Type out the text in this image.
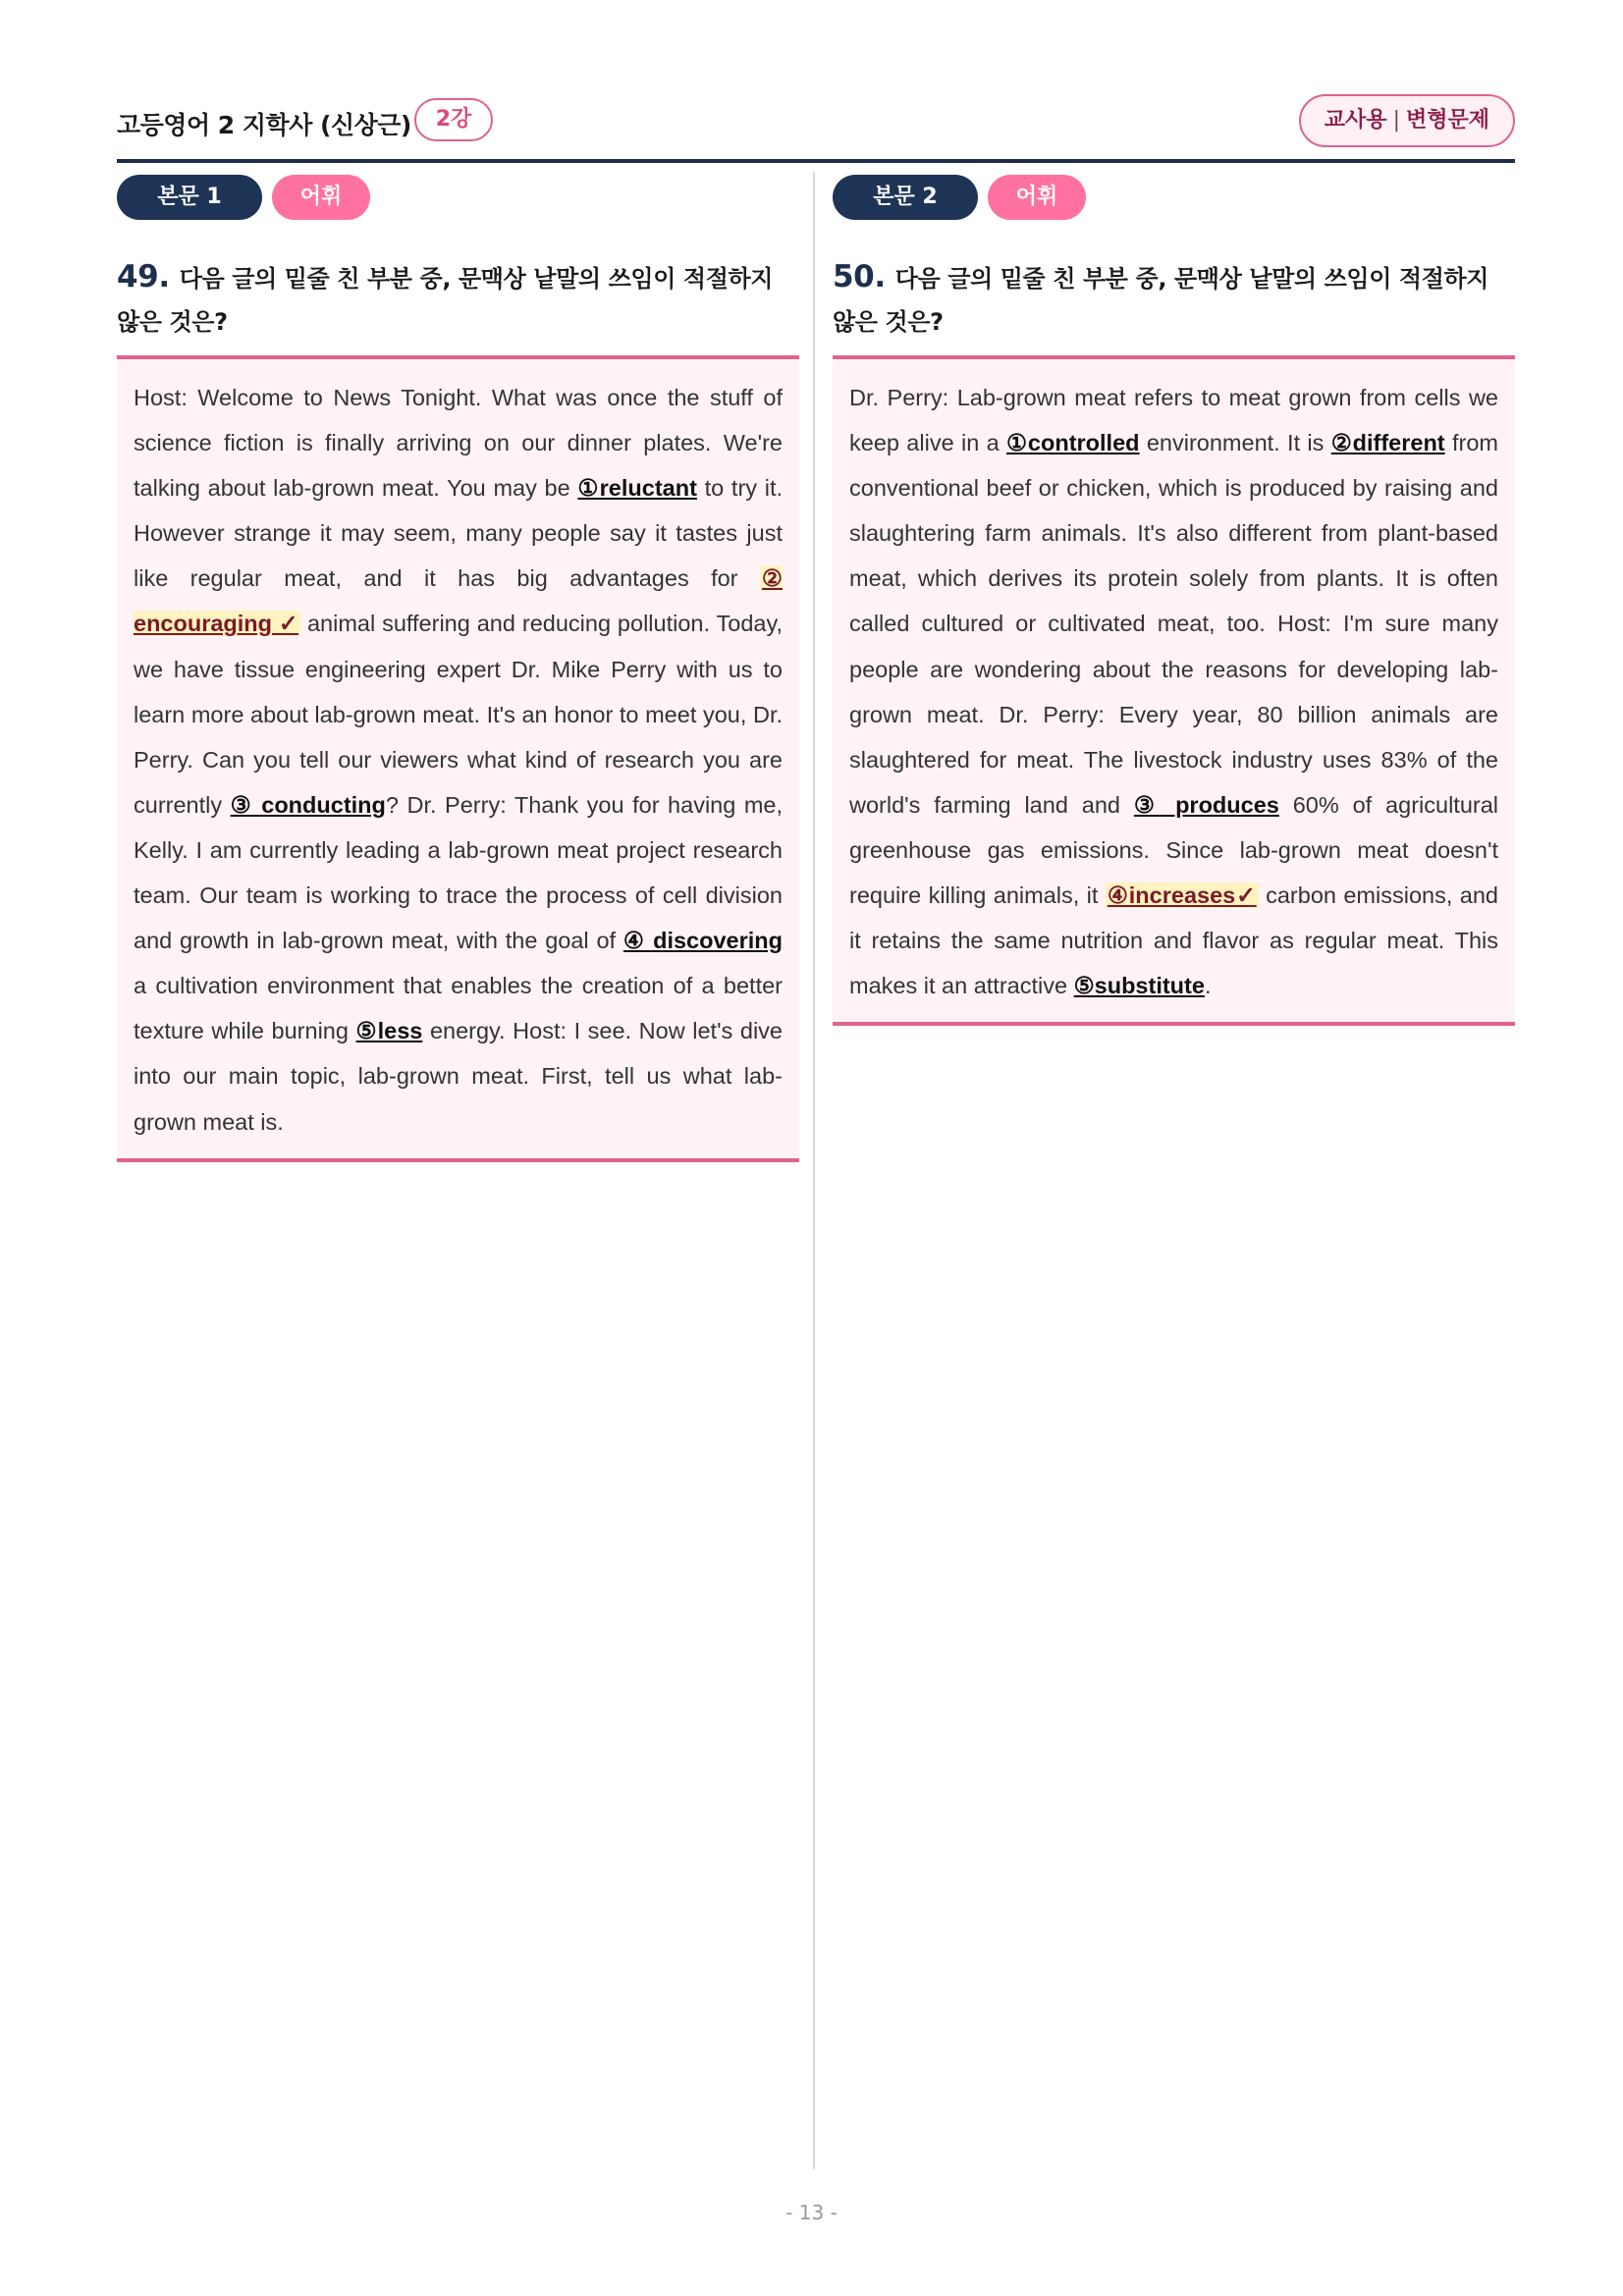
고등영어 2 지학사 (신상근)	2강	교사용 | 변형문제
본문 1	어휘
49. 다음 글의 밑줄 친 부분 중, 문맥상 낱말의 쓰임이 적절하지 않은 것은?

Host: Welcome to News Tonight. What was once the stuff of science fiction is finally arriving on our dinner plates. We're talking about lab-grown meat. You may be ①reluctant to try it. However strange it may seem, many people say it tastes just like regular meat, and it has big advantages for ② encouraging ✓ animal suffering and reducing pollution. Today, we have tissue engineering expert Dr. Mike Perry with us to learn more about lab-grown meat. It's an honor to meet you, Dr. Perry. Can you tell our viewers what kind of research you are currently ③ conducting? Dr. Perry: Thank you for having me, Kelly. I am currently leading a lab-grown meat project research team. Our team is working to trace the process of cell division and growth in lab-grown meat, with the goal of ④ discovering a cultivation environment that enables the creation of a better texture while burning ⑤less energy. Host: I see. Now let's dive into our main topic, lab-grown meat. First, tell us what lab-grown meat is.

본문 2	어휘
50. 다음 글의 밑줄 친 부분 중, 문맥상 낱말의 쓰임이 적절하지 않은 것은?

Dr. Perry: Lab-grown meat refers to meat grown from cells we keep alive in a ①controlled environment. It is ②different from conventional beef or chicken, which is produced by raising and slaughtering farm animals. It's also different from plant-based meat, which derives its protein solely from plants. It is often called cultured or cultivated meat, too. Host: I'm sure many people are wondering about the reasons for developing lab-grown meat. Dr. Perry: Every year, 80 billion animals are slaughtered for meat. The livestock industry uses 83% of the world's farming land and ③ produces 60% of agricultural greenhouse gas emissions. Since lab-grown meat doesn't require killing animals, it ④increases✓ carbon emissions, and it retains the same nutrition and flavor as regular meat. This makes it an attractive ⑤substitute.

- 13 -
